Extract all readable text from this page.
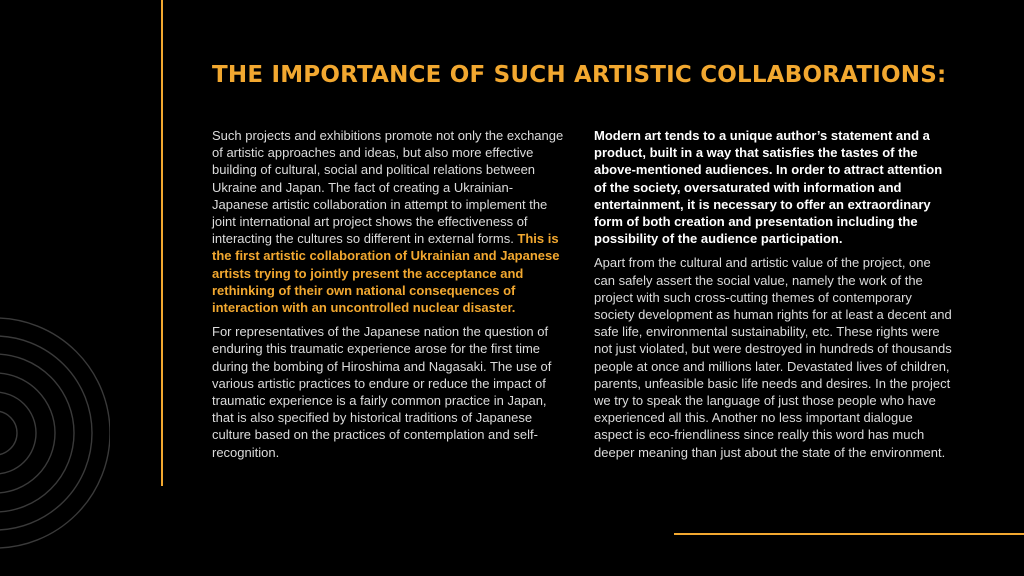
THE IMPORTANCE OF SUCH ARTISTIC COLLABORATIONS:

Such projects and exhibitions promote not only the exchange of artistic approaches and ideas, but also more effective building of cultural, social and political relations between Ukraine and Japan. The fact of creating a Ukrainian-Japanese artistic collaboration in attempt to implement the joint international art project shows the effectiveness of interacting the cultures so different in external forms. This is the first artistic collaboration of Ukrainian and Japanese artists trying to jointly present the acceptance and rethinking of their own national consequences of interaction with an uncontrolled nuclear disaster.

For representatives of the Japanese nation the question of enduring this traumatic experience arose for the first time during the bombing of Hiroshima and Nagasaki. The use of various artistic practices to endure or reduce the impact of traumatic experience is a fairly common practice in Japan, that is also specified by historical traditions of Japanese culture based on the practices of contemplation and self-recognition.

Modern art tends to a unique author’s statement and a product, built in a way that satisfies the tastes of the above-mentioned audiences. In order to attract attention of the society, oversaturated with information and entertainment, it is necessary to offer an extraordinary form of both creation and presentation including the possibility of the audience participation.

Apart from the cultural and artistic value of the project, one can safely assert the social value, namely the work of the project with such cross-cutting themes of contemporary society development as human rights for at least a decent and safe life, environmental sustainability, etc. These rights were not just violated, but were destroyed in hundreds of thousands people at once and millions later. Devastated lives of children, parents, unfeasible basic life needs and desires. In the project we try to speak the language of just those people who have experienced all this. Another no less important dialogue aspect is eco-friendliness since really this word has much deeper meaning than just about the state of the environment.
